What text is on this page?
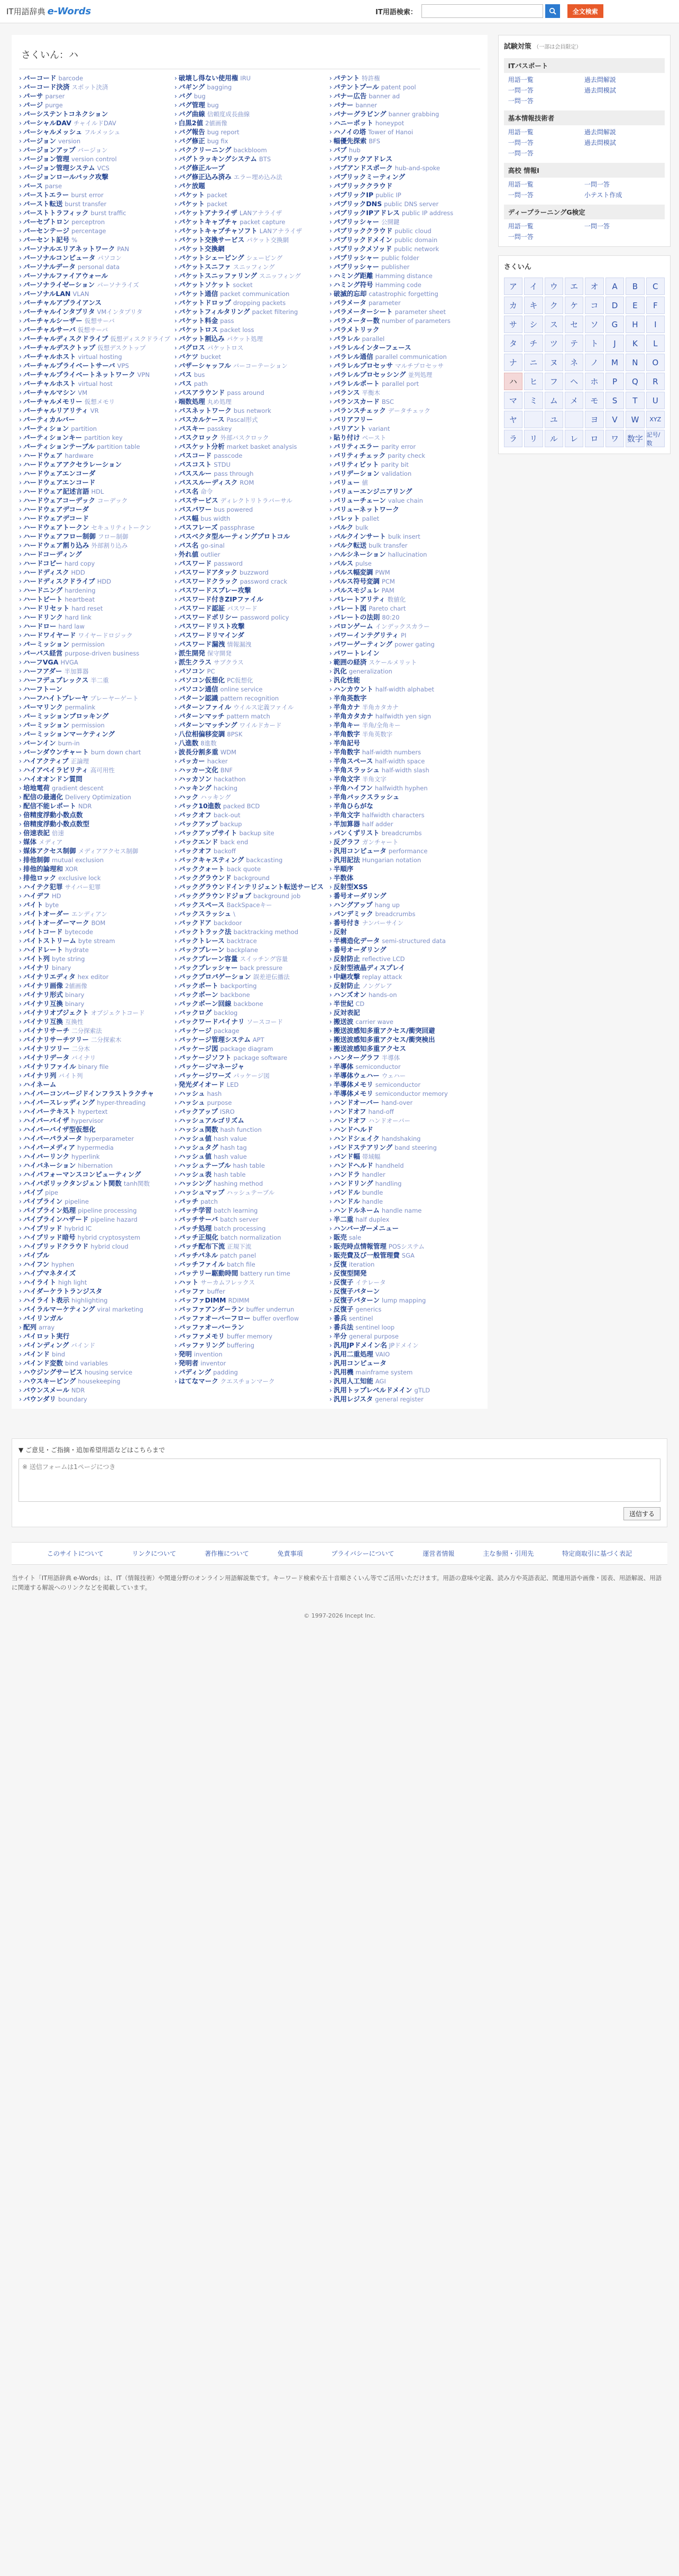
IT用語辞典 e-Words	IT用語検索：	全文検索
さくいん：ハ
› バーコード barcode
› バーコード決済 スポット決済
› パーサ parser
› パージ purge
› パーシステントコネクション
› パーシャルDAV チャイルドDAV
› パーシャルメッシュ フルメッシュ
› バージョン version
› バージョンアップ バージョン
› バージョン管理 version control
› バージョン管理システム VCS
› バージョンロールバック攻撃
› バース parse
› バーストエラー burst error
› バースト転送 burst transfer
› バーストトラフィック burst traffic
› パーセプトロン perceptron
› パーセンテージ percentage
› パーセント記号 %
› パーソナルエリアネットワーク PAN
› パーソナルコンピュータ パソコン
› パーソナルデータ personal data
› パーソナルファイアウォール
› パーソナライゼーション パーソナライズ
› パーソナルLAN VLAN
› パーチャルアプライアンス
› パーチャルインタプリタ VMインタプリタ
› パーチャルシーザー 仮想サーバ
› パーチャルサーバ 仮想サーバ
› パーチャルディスクドライブ 仮想ディスクドライブ
› パーチャルデスクトップ 仮想デスクトップ
› パーチャルホスト virtual hosting
› パーチャルプライベートサーバ VPS
› パーチャルプライベートネットワーク VPN
› パーチャルホスト virtual host
› パーチャルマシン VM
› パーチャルメモリー 仮想メモリ
› パーチャルリアリティ VR
› パーティカルバー
› パーティション partition
› パーティションキー partition key
› パーティションテーブル partition table
› ハードウェア hardware
› ハードウェアアクセラレーション
› ハードウェアエンコーダ
› ハードウェアエンコード
› ハードウェア記述言語 HDL
› ハードウェアコーデック コーデック
› ハードウェアデコーダ
› ハードウェアデコード
› ハードウェアトークン セキュリティトークン
› ハードウェアフロー制御 フロー制御
› ハードウェア割り込み 外部割り込み
› ハードコーディング
› ハードコピー hard copy
› ハードディスク HDD
› ハードディスクドライブ HDD
› ハードニング hardening
› ハートビート heartbeat
› ハードリセット hard reset
› ハードリンク hard link
› ハードロー hard law
› ハードワイヤード ワイヤードロジック
› パーミッション permission
› パーパス経営 purpose-driven business
› ハーフVGA HVGA
› ハーフアダー 半加算器
› ハーフデュプレックス 半二重
› ハーフトーン
› ハーフハイトプレーヤ プレーヤーゲート
› パーマリンク permalink
› パーミッションブロッキング
› パーミッション permission
› パーミッションマーケティング
› バーンイン burn-in
› バーンダウンチャート burn down chart
› ハイアクティブ 正論理
› ハイアベイラビリティ 高可用性
› ハイオオンドン質問
› 培地電荷 gradient descent
› 配信の最適化 Delivery Optimization
› 配信不能レポート NDR
› 倍精度浮動小数点数
› 倍精度浮動小数点数型
› 倍速表記 倍速
› 媒体 メディア
› 媒体アクセス制御 メディアアクセス制御
› 排他制御 mutual exclusion
› 排他的論理和 XOR
› 排他ロック exclusive lock
› ハイテク犯罪 サイバー犯罪
› ハイデフ HD
› バイト byte
› バイトオーダー エンディアン
› バイトオーダーマーク BOM
› バイトコード bytecode
› バイトストリーム byte stream
› ハイドレート hydrate
› バイト列 byte string
› バイナリ binary
› バイナリエディタ hex editor
› バイナリ画像 2値画像
› バイナリ形式 binary
› バイナリ互換 binary
› バイナリオブジェクト オブジェクトコード
› バイナリ互換 互換性
› バイナリサーチ 二分探索法
› バイナリサーチツリー 二分探索木
› バイナリツリー 二分木
› バイナリデータ バイナリ
› バイナリファイル binary file
› バイナリ列 バイト列
› ハイネーム
› ハイパーコンバージドインフラストラクチャ
› ハイパースレッディング hyper-threading
› ハイパーテキスト hypertext
› ハイパーバイザ hypervisor
› ハイパーバイザ型仮想化
› ハイパーパラメータ hyperparameter
› ハイパーメディア hypermedia
› ハイパーリンク hyperlink
› ハイバネーション hibernation
› ハイパフォーマンスコンピューティング
› ハイパボリックタンジェント関数 tanh関数
› パイプ pipe
› パイプライン pipeline
› パイプライン処理 pipeline processing
› パイプラインハザード pipeline hazard
› ハイブリッド hybrid IC
› ハイブリッド暗号 hybrid cryptosystem
› ハイブリッドクラウド hybrid cloud
› バイブル
› ハイフン hyphen
› ハイプマネタイズ
› ハイライト high light
› ハイダーケラトランジスタ
› ハイライト表示 highlighting
› バイラルマーケティング viral marketing
› バイリンガル
› 配列 array
› パイロット実行
› バインディング バインド
› バインド bind
› バインド変数 bind variables
› ハウジングサービス housing service
› ハウスキーピング housekeeping
› バウンスメール NDR
› バウンダリ boundary
› 破壊し得ない使用権 IRU
› パギング bagging
› バグ bug
› バグ管理 bug
› バグ曲線 信頼度成長曲線
› 白黒2値 2値画像
› バグ報告 bug report
› バグ修正 bug fix
› バククリーニング backbloom
› バグトラッキングシステム BTS
› バグ修正ループ
› バグ修正込み済み エラー埋め込み法
› パケ放題
› パケット packet
› パケット packet
› パケットアナライザ LANアナライザ
› パケットキャプチャ packet capture
› パケットキャプチャソフト LANアナライザ
› パケット交換サービス パケット交換網
› パケット交換網
› パケットシェーピング シェーピング
› パケットスニファ スニッフィング
› パケットスニッファリング スニッフィング
› パケットソケット socket
› パケット通信 packet communication
› パケットドロップ dropping packets
› パケットフィルタリング packet filtering
› パケット料金 pass
› パケットロス packet loss
› パケット割込み パケット処理
› バグロス パケットロス
› バケツ bucket
› バザーシャッフル バーコーテーション
› パス bus
› パス path
› パスアラウンド pass around
› 端数処理 丸め処理
› バスネットワーク bus network
› パスカルケース Pascal形式
› パスキー passkey
› パスクロック 外部バスクロック
› バスケット分析 market basket analysis
› パスコード passcode
› パスコスト STDU
› パススルー pass through
› パススルーディスク ROM
› パス名 命令
› パスサービス ディレクトリトラバーサル
› パスパワー bus powered
› パス幅 bus width
› パスフレーズ passphrase
› パスベクタ型ルーティングプロトコル
› パス名 go-sinal
› 外れ値 outlier
› パスワード password
› パスワードアタック buzzword
› パスワードクラック password crack
› パスワードスプレー攻撃
› パスワード付きZIPファイル
› パスワード認証 パスワード
› パスワードポリシー password policy
› パスワードリスト攻撃
› パスワードリマインダ
› パスワード漏洩 情報漏洩
› 派生開発 保守開発
› 派生クラス サブクラス
› パソコン PC
› パソコン仮想化 PC仮想化
› パソコン通信 online service
› パターン認識 pattern recognition
› パターンファイル ウイルス定義ファイル
› パターンマッチ pattern match
› パターンマッチング ワイルドカード
› 八位相偏移変調 8PSK
› 八進数 8進数
› 波長分割多重 WDM
› バッカー hacker
› ハッカー文化 BNF
› ハッカソン hackathon
› ハッキング hacking
› ハック ハッキング
› バック10進数 packed BCD
› バックオフ back-out
› バックアップ backup
› バックアップサイト backup site
› バックエンド back end
› バックオフ backoff
› バックキャスティング backcasting
› バッククォート back quote
› バックグラウンド background
› バックグラウンドインテリジェント転送サービス
› バックグラウンドジョブ background job
› バックスペース BackSpaceキー
› バックスラッシュ \
› バックドア backdoor
› バックトラック法 backtracking method
› バックトレース backtrace
› バックプレーン backplane
› バックプレーン容量 スイッチング容量
› バックプレッシャー back pressure
› バックプロパゲーション 誤差逆伝播法
› バックポート backporting
› バックボーン backbone
› バックボーン回線 backbone
› バックログ backlog
› バックワードバイナリ ソースコード
› パッケージ package
› パッケージ管理システム APT
› パッケージ図 package diagram
› パッケージソフト package software
› パッケージマネージャ
› パッケージワーズ パッケージ図
› 発光ダイオード LED
› ハッシュ hash
› ハッシュ purpose
› バックアップ ISRO
› ハッシュアルゴリズム
› ハッシュ関数 hash function
› ハッシュ値 hash value
› ハッシュタグ hash tag
› ハッシュ値 hash value
› ハッシュテーブル hash table
› ハッシュ表 hash table
› ハッシング hashing method
› ハッシュマップ ハッシュテーブル
› パッチ patch
› パッチ学習 batch learning
› パッチサーバ batch server
› パッチ処理 batch processing
› パッチ正規化 batch normalization
› パッチ配布下流 正規下流
› パッチパネル patch panel
› バッチファイル batch file
› バッテリー駆動時間 battery run time
› ハット サーカムフレックス
› バッファ buffer
› バッファDIMM RDIMM
› バッファアンダーラン buffer underrun
› バッファオーバーフロー buffer overflow
› バッファオーバーラン
› バッファメモリ buffer memory
› バッファリング buffering
› 発明 invention
› 発明者 inventor
› パディング padding
› はてなマーク クエスチョンマーク
› パテント 特許権
› パテントプール patent pool
› バナー広告 banner ad
› バナー banner
› バナーグラビング banner grabbing
› ハニーポット honeypot
› ハノイの塔 Tower of Hanoi
› 幅優先探索 BFS
› パブ hub
› パブリックアドレス
› パブアンドスポーク hub-and-spoke
› パブリックミーティング
› パブリッククラウド
› パブリックIP public IP
› パブリックDNS public DNS server
› パブリックIPアドレス public IP address
› パブリッシャー 公開鍵
› パブリッククラウド public cloud
› パブリックドメイン public domain
› パブリックメソッド public network
› パブリッシャー public folder
› パブリッシャー publisher
› ハミング距離 Hamming distance
› ハミング符号 Hamming code
› 破滅的忘却 catastrophic forgetting
› パラメータ parameter
› パラメーターシート parameter sheet
› パラメーター数 number of parameters
› パラメトリック
› パラレル parallel
› パラレルインターフェース
› パラレル通信 parallel communication
› パラレルプロセッサ マルチプロセッサ
› パラレルプロセッシング 並列処理
› パラレルポート parallel port
› バランス 平衡木
› バランスカード BSC
› バランスチェック データチェック
› バリアフリー
› バリアント variant
› 貼り付け ペースト
› バリティエラー parity error
› バリティチェック parity check
› バリティビット parity bit
› バリデーション validation
› バリュー 値
› バリューエンジニアリング
› バリューチェーン value chain
› バリューネットワーク
› バレット pallet
› バルク bulk
› バルクインサート bulk insert
› バルク転送 bulk transfer
› ハルシネーション hallucination
› バルス pulse
› パルス幅変調 PWM
› パルス符号変調 PCM
› パルスモジュレ PAM
› パレートアリティ 数値化
› パレート図 Pareto chart
› パレートの法則 80:20
› バロンゲーム インデックスカラー
› パワーインテグリティ PI
› パワーゲーティング power gating
› パワートレイン
› 範囲の経済 スケールメリット
› 汎化 generalization
› 汎化性能
› ハンカウント half-width alphabet
› 半角英数字
› 半角カナ 半角カタカナ
› 半角カタカナ halfwidth yen sign
› 半角キー 半角/全角キー
› 半角数字 半角英数字
› 半角記号
› 半角数字 half-width numbers
› 半角スペース half-width space
› 半角スラッシュ half-width slash
› 半角文字 半角文字
› 半角ハイフン halfwidth hyphen
› 半角バックスラッシュ
› 半角ひらがな
› 半角文字 halfwidth characters
› 半加算器 half adder
› パンくずリスト breadcrumbs
› 反グラフ ガンチャート
› 汎用コンピュータ performance
› 汎用記法 Hungarian notation
› 半順序
› 半数体
› 反射型XSS
› 番号オーダリング
› ハングアップ hang up
› パンデミック breadcrumbs
› 番号付き ナンバーサイン
› 反射
› 半構造化データ semi-structured data
› 番号オーダリング
› 反射防止 reflective LCD
› 反射型液晶ディスプレイ
› 中継攻撃 replay attack
› 反射防止 ノングレア
› ハンズオン hands-on
› 半世紀 CD
› 反対表記
› 搬送波 carrier wave
› 搬送波感知多重アクセス/衝突回避
› 搬送波感知多重アクセス/衝突検出
› 搬送波感知多重アクセス
› ハンターグラフ 半導体
› 半導体 semiconductor
› 半導体ウェハー ウェハー
› 半導体メモリ semiconductor
› 半導体メモリ semiconductor memory
› ハンドオーバー hand-over
› ハンドオフ hand-off
› ハンドオフ ハンドオーバー
› ハンドヘルド
› ハンドシェイク handshaking
› バンドステアリング band steering
› バンド幅 帯域幅
› ハンドヘルド handheld
› ハンドラ handler
› ハンドリング handling
› バンドル bundle
› ハンドル handle
› ハンドルネーム handle name
› 半二重 half duplex
› ハンバーガーメニュー
› 販売 sale
› 販売時点情報管理 POSシステム
› 販売費及び一般管理費 SGA
› 反復 iteration
› 反復型開発
› 反復子 イテレータ
› 反復子パターン
› 反復子パターン lump mapping
› 反復子 generics
› 番兵 sentinel
› 番兵法 sentinel loop
› 半分 general purpose
› 汎用JPドメイン名 JPドメイン
› 汎用二重処理 VAIO
› 汎用コンピュータ
› 汎用機 mainframe system
› 汎用人工知能 AGI
› 汎用トップレベルドメイン gTLD
› 汎用レジスタ general register
試験対策 （一部は会員限定）
ITパスポート
用語一覧	過去問解説
一問一答	過去問模試
一問一答
基本情報技術者
用語一覧	過去問解説
一問一答	過去問模試
一問一答
高校 情報Ⅰ
用語一覧	一問一答
一問一答	小テスト作成
ディープラーニングG検定
用語一覧	一問一答
一問一答
さくいん
ア	イ	ウ	エ	オ	A	B	C
カ	キ	ク	ケ	コ	D	E	F
サ	シ	ス	セ	ソ	G	H	I
タ	チ	ツ	テ	ト	J	K	L
ナ	ニ	ヌ	ネ	ノ	M	N	O
ハ	ヒ	フ	ヘ	ホ	P	Q	R
マ	ミ	ム	メ	モ	S	T	U
ヤ	ユ	ヨ	V	W	XYZ
ラ	リ	ル	レ	ロ	ワ	数字 記号/数
▼ ご意見・ご指摘・追加希望用語などはこちらまで
※ 送信フォームは1ページにつき
送信する
このサイトについて	リンクについて	著作権について	免責事項	プライバシーについて	運営者情報	主な参照・引用先	特定商取引に基づく表記
当サイト「IT用語辞典 e-Words」は、IT（情報技術）や関連分野のオンライン用語解説集です。キーワード検索や五十音順さくいん等でご活用いただけます。用語の意味や定義、読み方や英語表記、関連用語や画像・図表、用語解説、用語に関連する解説へのリンクなどを掲載しています。
© 1997-2026 Incept Inc.
